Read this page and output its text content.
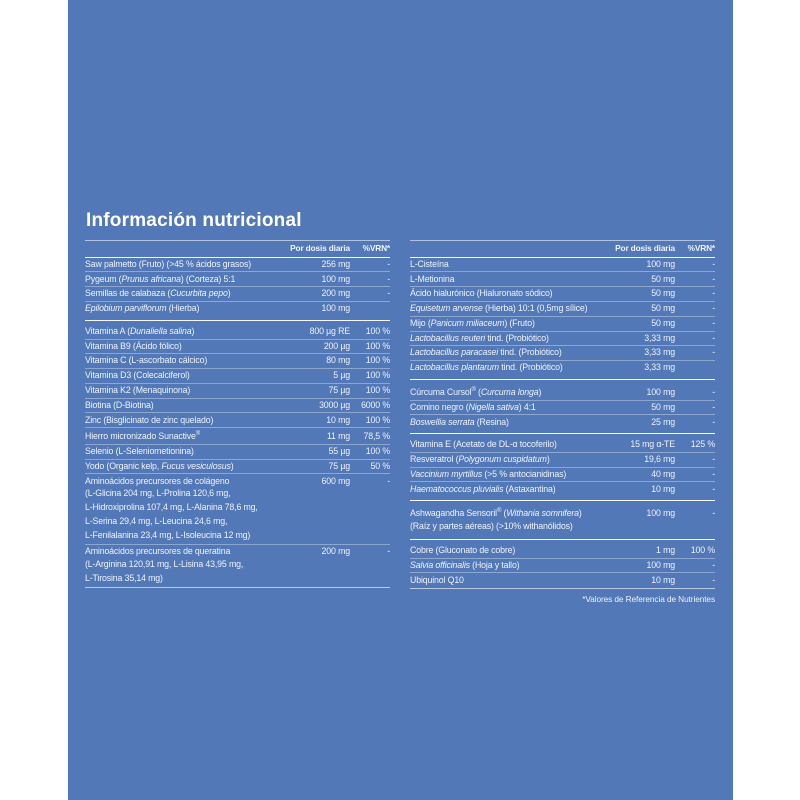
Información nutricional
Por dosis diaria	%VRN*
Saw palmetto (Fruto) (>45 % ácidos grasos)	256 mg	-
Pygeum (Prunus africana) (Corteza) 5:1	100 mg	-
Semillas de calabaza (Cucurbita pepo)	200 mg	-
Epilobium parviflorum (Hierba)	100 mg
Vitamina A (Dunaliella salina)	800 µg RE	100 %
Vitamina B9 (Ácido fólico)	200 µg	100 %
Vitamina C (L-ascorbato cálcico)	80 mg	100 %
Vitamina D3 (Colecalciferol)	5 µg	100 %
Vitamina K2 (Menaquinona)	75 µg	100 %
Biotina (D-Biotina)	3000 µg	6000 %
Zinc (Bisglicinato de zinc quelado)	10 mg	100 %
Hierro micronizado Sunactive®	11 mg	78,5 %
Selenio (L-Seleniometionina)	55 µg	100 %
Yodo (Organic kelp, Fucus vesiculosus)	75 µg	50 %
Aminoácidos precursores de colágeno	600 mg	-
(L-Glicina 204 mg, L-Prolina 120,6 mg,
L-Hidroxiprolina 107,4 mg, L-Alanina 78,6 mg,
L-Serina 29,4 mg, L-Leucina 24,6 mg,
L-Fenilalanina 23,4 mg, L-Isoleucina 12 mg)
Aminoácidos precursores de queratina	200 mg	-
(L-Arginina 120,91 mg, L-Lisina 43,95 mg,
L-Tirosina 35,14 mg)
Por dosis diaria	%VRN*
L-Cisteína	100 mg	-
L-Metionina	50 mg	-
Ácido hialurónico (Hialuronato sódico)	50 mg	-
Equisetum arvense (Hierba) 10:1 (0,5mg sílice)	50 mg	-
Mijo (Panicum miliaceum) (Fruto)	50 mg	-
Lactobacillus reuteri tind. (Probiótico)	3,33 mg	-
Lactobacillus paracasei tind. (Probiótico)	3,33 mg	-
Lactobacillus plantarum tind. (Probiótico)	3,33 mg
Cúrcuma Cursol® (Curcuma longa)	100 mg	-
Comino negro (Nigella sativa) 4:1	50 mg	-
Boswellia serrata (Resina)	25 mg	-
Vitamina E (Acetato de DL-α tocoferilo)	15 mg α-TE	125 %
Resveratrol (Polygonum cuspidatum)	19,6 mg	-
Vaccinium myrtillus (>5 % antocianidinas)	40 mg	-
Haematococcus pluvialis (Astaxantina)	10 mg	-
Ashwagandha Sensoril® (Withania somnifera)	100 mg	-
(Raíz y partes aéreas) (>10% withanólidos)
Cobre (Gluconato de cobre)	1 mg	100 %
Salvia officinalis (Hoja y tallo)	100 mg	-
Ubiquinol Q10	10 mg	-
*Valores de Referencia de Nutrientes
